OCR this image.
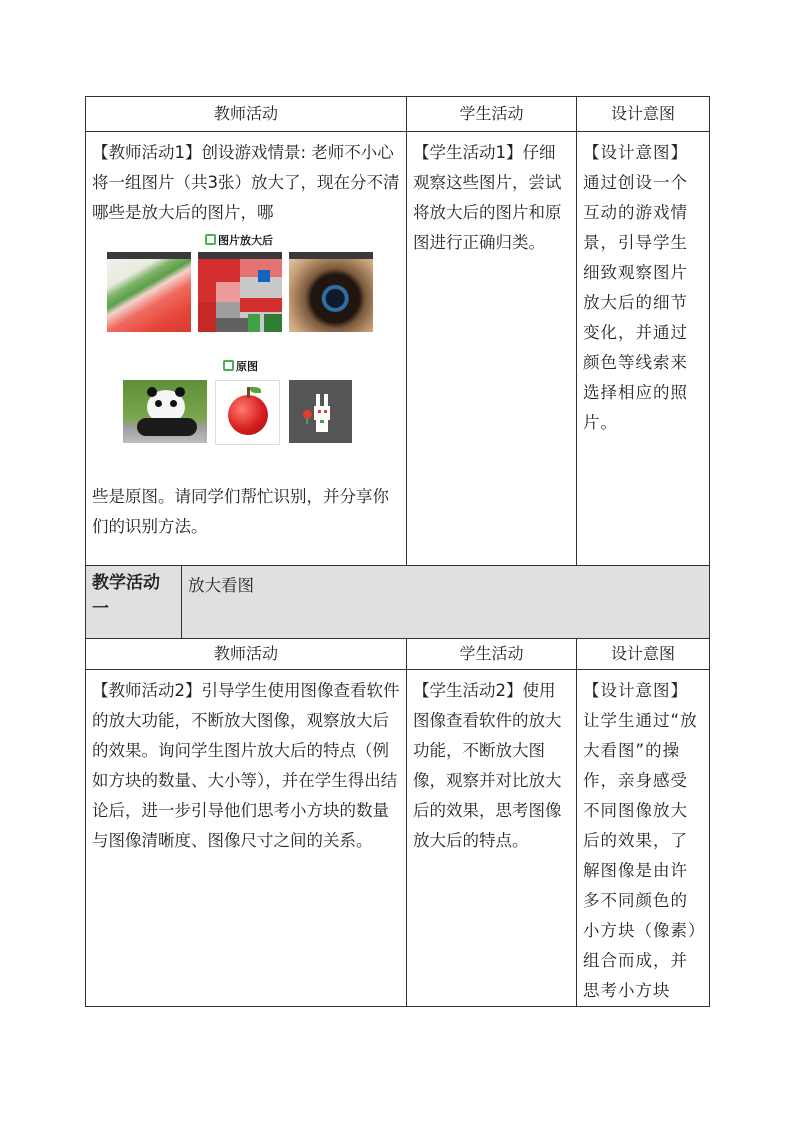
教师活动		学生活动	设计意图

【教师活动1】创设游戏情景: 老师不小心将一组图片（共3张）放大了，现在分不清哪些是放大后的图片，哪
图片放大后
原图
些是原图。请同学们帮忙识别，并分享你们的识别方法。		【学生活动1】仔细观察这些图片，尝试将放大后的图片和原图进行正确归类。	【设计意图】通过创设一个互动的游戏情景，引导学生细致观察图片放大后的细节变化，并通过颜色等线索来选择相应的照片。

教学活动一	放大看图		
教师活动		学生活动	设计意图

【教师活动2】引导学生使用图像查看软件的放大功能，不断放大图像，观察放大后的效果。询问学生图片放大后的特点（例如方块的数量、大小等），并在学生得出结论后，进一步引导他们思考小方块的数量与图像清晰度、图像尺寸之间的关系。		【学生活动2】使用图像查看软件的放大功能，不断放大图像，观察并对比放大后的效果，思考图像放大后的特点。	【设计意图】让学生通过“放大看图”的操作，亲身感受不同图像放大后的效果，了解图像是由许多不同颜色的小方块（像素）组合而成，并思考小方块
